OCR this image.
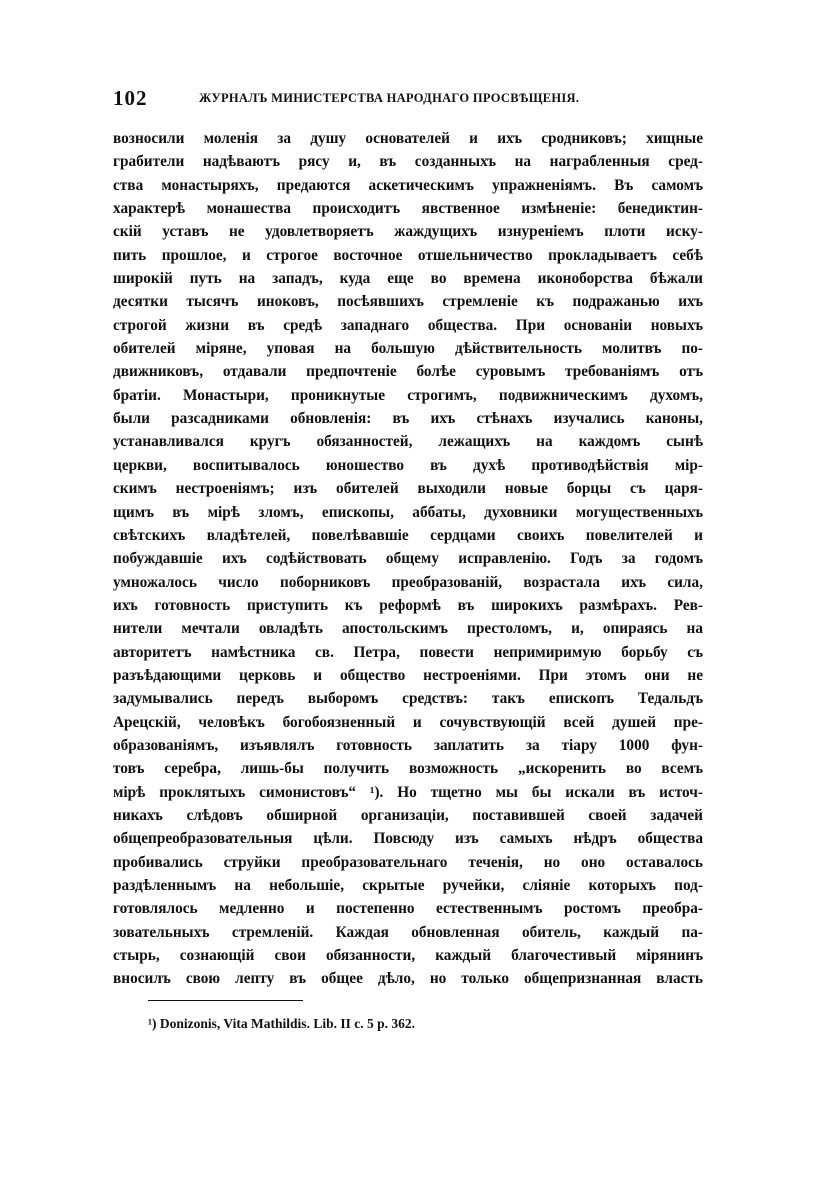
102	ЖУРНАЛЪ МИНИСТЕРСТВА НАРОДНАГО ПРОСВѢЩЕНІЯ.
возносили моленія за душу основателей и ихъ сродниковъ; хищные
грабители надѣваютъ рясу и, въ созданныхъ на награбленныя сред-
ства монастыряхъ, предаются аскетическимъ упражненіямъ. Въ самомъ
характерѣ монашества происходитъ явственное измѣненіе: бенедиктин-
скій уставъ не удовлетворяетъ жаждущихъ изнуреніемъ плоти иску-
пить прошлое, и строгое восточное отшельничество прокладываетъ себѣ
широкій путь на западъ, куда еще во времена иконоборства бѣжали
десятки тысячъ иноковъ, посѣявшихъ стремленіе къ подражанью ихъ
строгой жизни въ средѣ западнаго общества. При основаніи новыхъ
обителей міряне, уповая на большую дѣйствительность молитвъ по-
движниковъ, отдавали предпочтеніе болѣе суровымъ требованіямъ отъ
братіи. Монастыри, проникнутые строгимъ, подвижническимъ духомъ,
были разсадниками обновленія: въ ихъ стѣнахъ изучались каноны,
устанавливался кругъ обязанностей, лежащихъ на каждомъ сынѣ
церкви, воспитывалось юношество въ духѣ противодѣйствія мір-
скимъ нестроеніямъ; изъ обителей выходили новые борцы съ царя-
щимъ въ мірѣ зломъ, епископы, аббаты, духовники могущественныхъ
свѣтскихъ владѣтелей, повелѣвавшіе сердцами своихъ повелителей и
побуждавшіе ихъ содѣйствовать общему исправленію. Годъ за годомъ
умножалось число поборниковъ преобразованій, возрастала ихъ сила,
ихъ готовность приступить къ реформѣ въ широкихъ размѣрахъ. Рев-
нители мечтали овладѣть апостольскимъ престоломъ, и, опираясь на
авторитетъ намѣстника св. Петра, повести непримиримую борьбу съ
разъѣдающими церковь и общество нестроеніями. При этомъ они не
задумывались передъ выборомъ средствъ: такъ епископъ Тедальдъ
Арецскій, человѣкъ богобоязненный и сочувствующій всей душей пре-
образованіямъ, изъявлялъ готовность заплатить за тіару 1000 фун-
товъ серебра, лишь-бы получить возможность „искоренить во всемъ
мірѣ проклятыхъ симонистовъ“ ¹). Но тщетно мы бы искали въ источ-
никахъ слѣдовъ обширной организаціи, поставившей своей задачей
общепреобразовательныя цѣли. Повсюду изъ самыхъ нѣдръ общества
пробивались струйки преобразовательнаго теченія, но оно оставалось
раздѣленнымъ на небольшіе, скрытые ручейки, сліяніе которыхъ под-
готовлялось медленно и постепенно естественнымъ ростомъ преобра-
зовательныхъ стремленій. Каждая обновленная обитель, каждый па-
стырь, сознающій свои обязанности, каждый благочестивый мірянинъ
вносилъ свою лепту въ общее дѣло, но только общепризнанная власть
¹) Donizonis, Vita Mathildis. Lib. II c. 5 p. 362.
